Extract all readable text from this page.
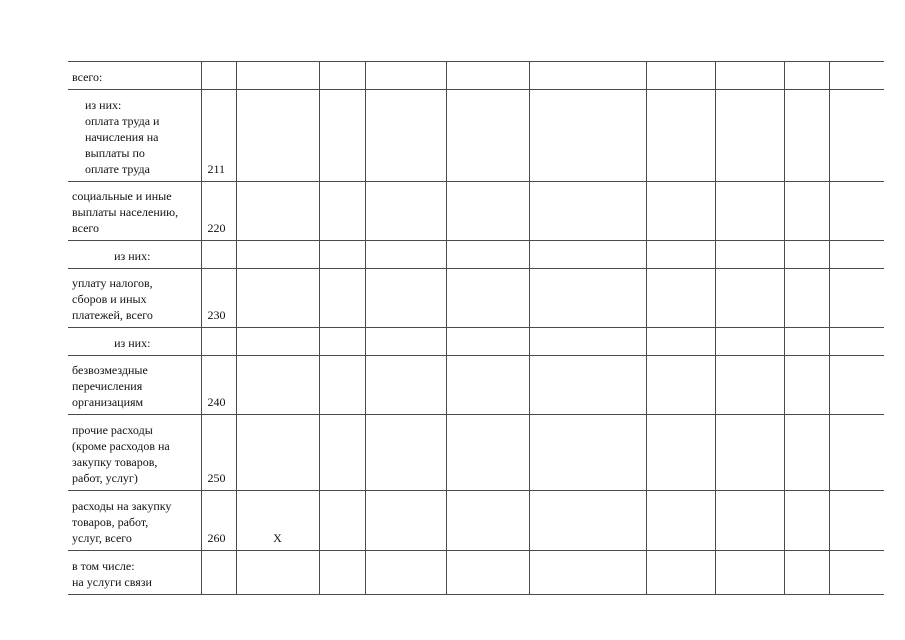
всего:										

из них:
оплата труда и
начисления на
выплаты по
оплате труда	211									

социальные и иные
выплаты населению,
всего	220									

из них:										

уплату налогов,
сборов и иных
платежей, всего	230									

из них:										

безвозмездные
перечисления
организациям	240									

прочие расходы
(кроме расходов на
закупку товаров,
работ, услуг)	250									

расходы на закупку
товаров, работ,
услуг, всего	260	X								

в том числе:
на услуги связи										
